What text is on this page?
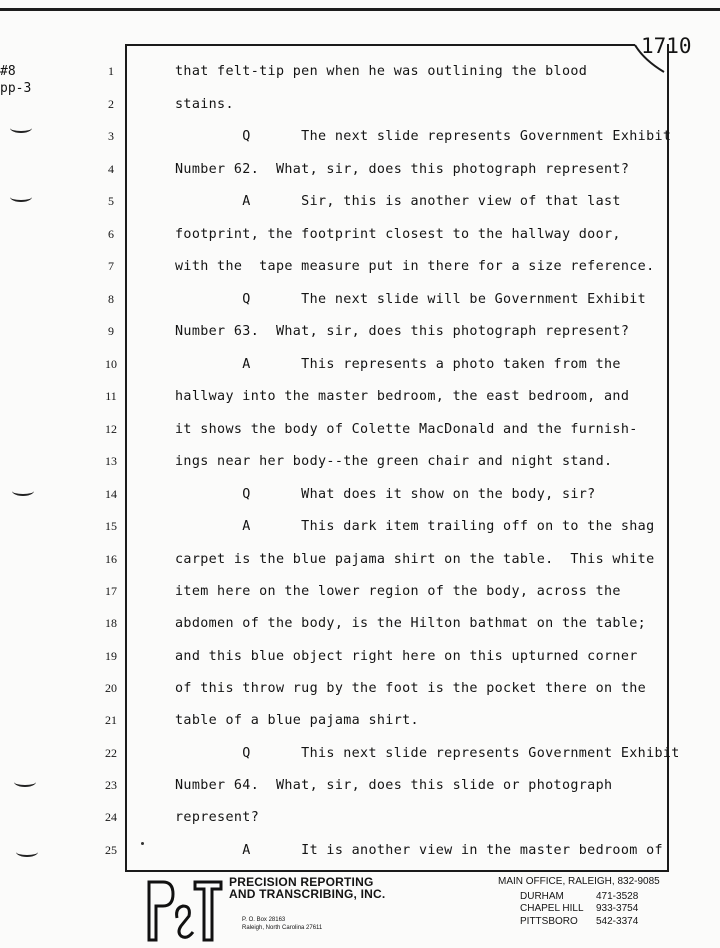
#8
pp-3
1710
1	that felt-tip pen when he was outlining the blood
2	stains.
3	Q      The next slide represents Government Exhibit
4	Number 62.  What, sir, does this photograph represent?
5	A      Sir, this is another view of that last
6	footprint, the footprint closest to the hallway door,
7	with the  tape measure put in there for a size reference.
8	Q      The next slide will be Government Exhibit
9	Number 63.  What, sir, does this photograph represent?
10	A      This represents a photo taken from the
11	hallway into the master bedroom, the east bedroom, and
12	it shows the body of Colette MacDonald and the furnish-
13	ings near her body--the green chair and night stand.
14	Q      What does it show on the body, sir?
15	A      This dark item trailing off on to the shag
16	carpet is the blue pajama shirt on the table.  This white
17	item here on the lower region of the body, across the
18	abdomen of the body, is the Hilton bathmat on the table;
19	and this blue object right here on this upturned corner
20	of this throw rug by the foot is the pocket there on the
21	table of a blue pajama shirt.
22	Q      This next slide represents Government Exhibit
23	Number 64.  What, sir, does this slide or photograph
24	represent?
25	A      It is another view in the master bedroom of
PRECISION REPORTING
AND TRANSCRIBING, INC.
P. O. Box 28163
Raleigh, North Carolina 27611
MAIN OFFICE, RALEIGH, 832-9085
DURHAM	471-3528
CHAPEL HILL	933-3754
PITTSBORO	542-3374
